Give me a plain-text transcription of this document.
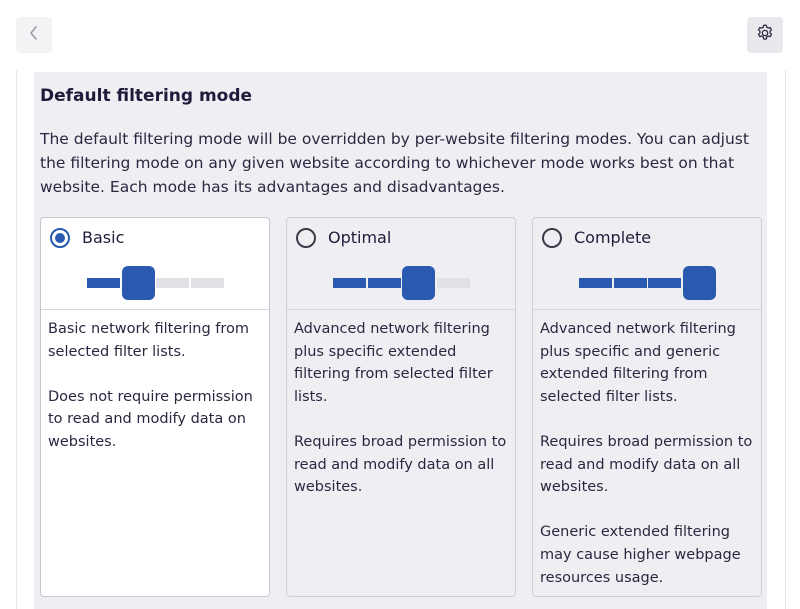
Default filtering mode
The default filtering mode will be overridden by per-website filtering modes. You can adjust the filtering mode on any given website according to whichever mode works best on that website. Each mode has its advantages and disadvantages.
Basic

Basic network filtering from selected filter lists.

Does not require permission to read and modify data on websites.

Optimal

Advanced network filtering plus specific extended filtering from selected filter lists.

Requires broad permission to read and modify data on all websites.

Complete

Advanced network filtering plus specific and generic extended filtering from selected filter lists.

Requires broad permission to read and modify data on all websites.

Generic extended filtering may cause higher webpage resources usage.
